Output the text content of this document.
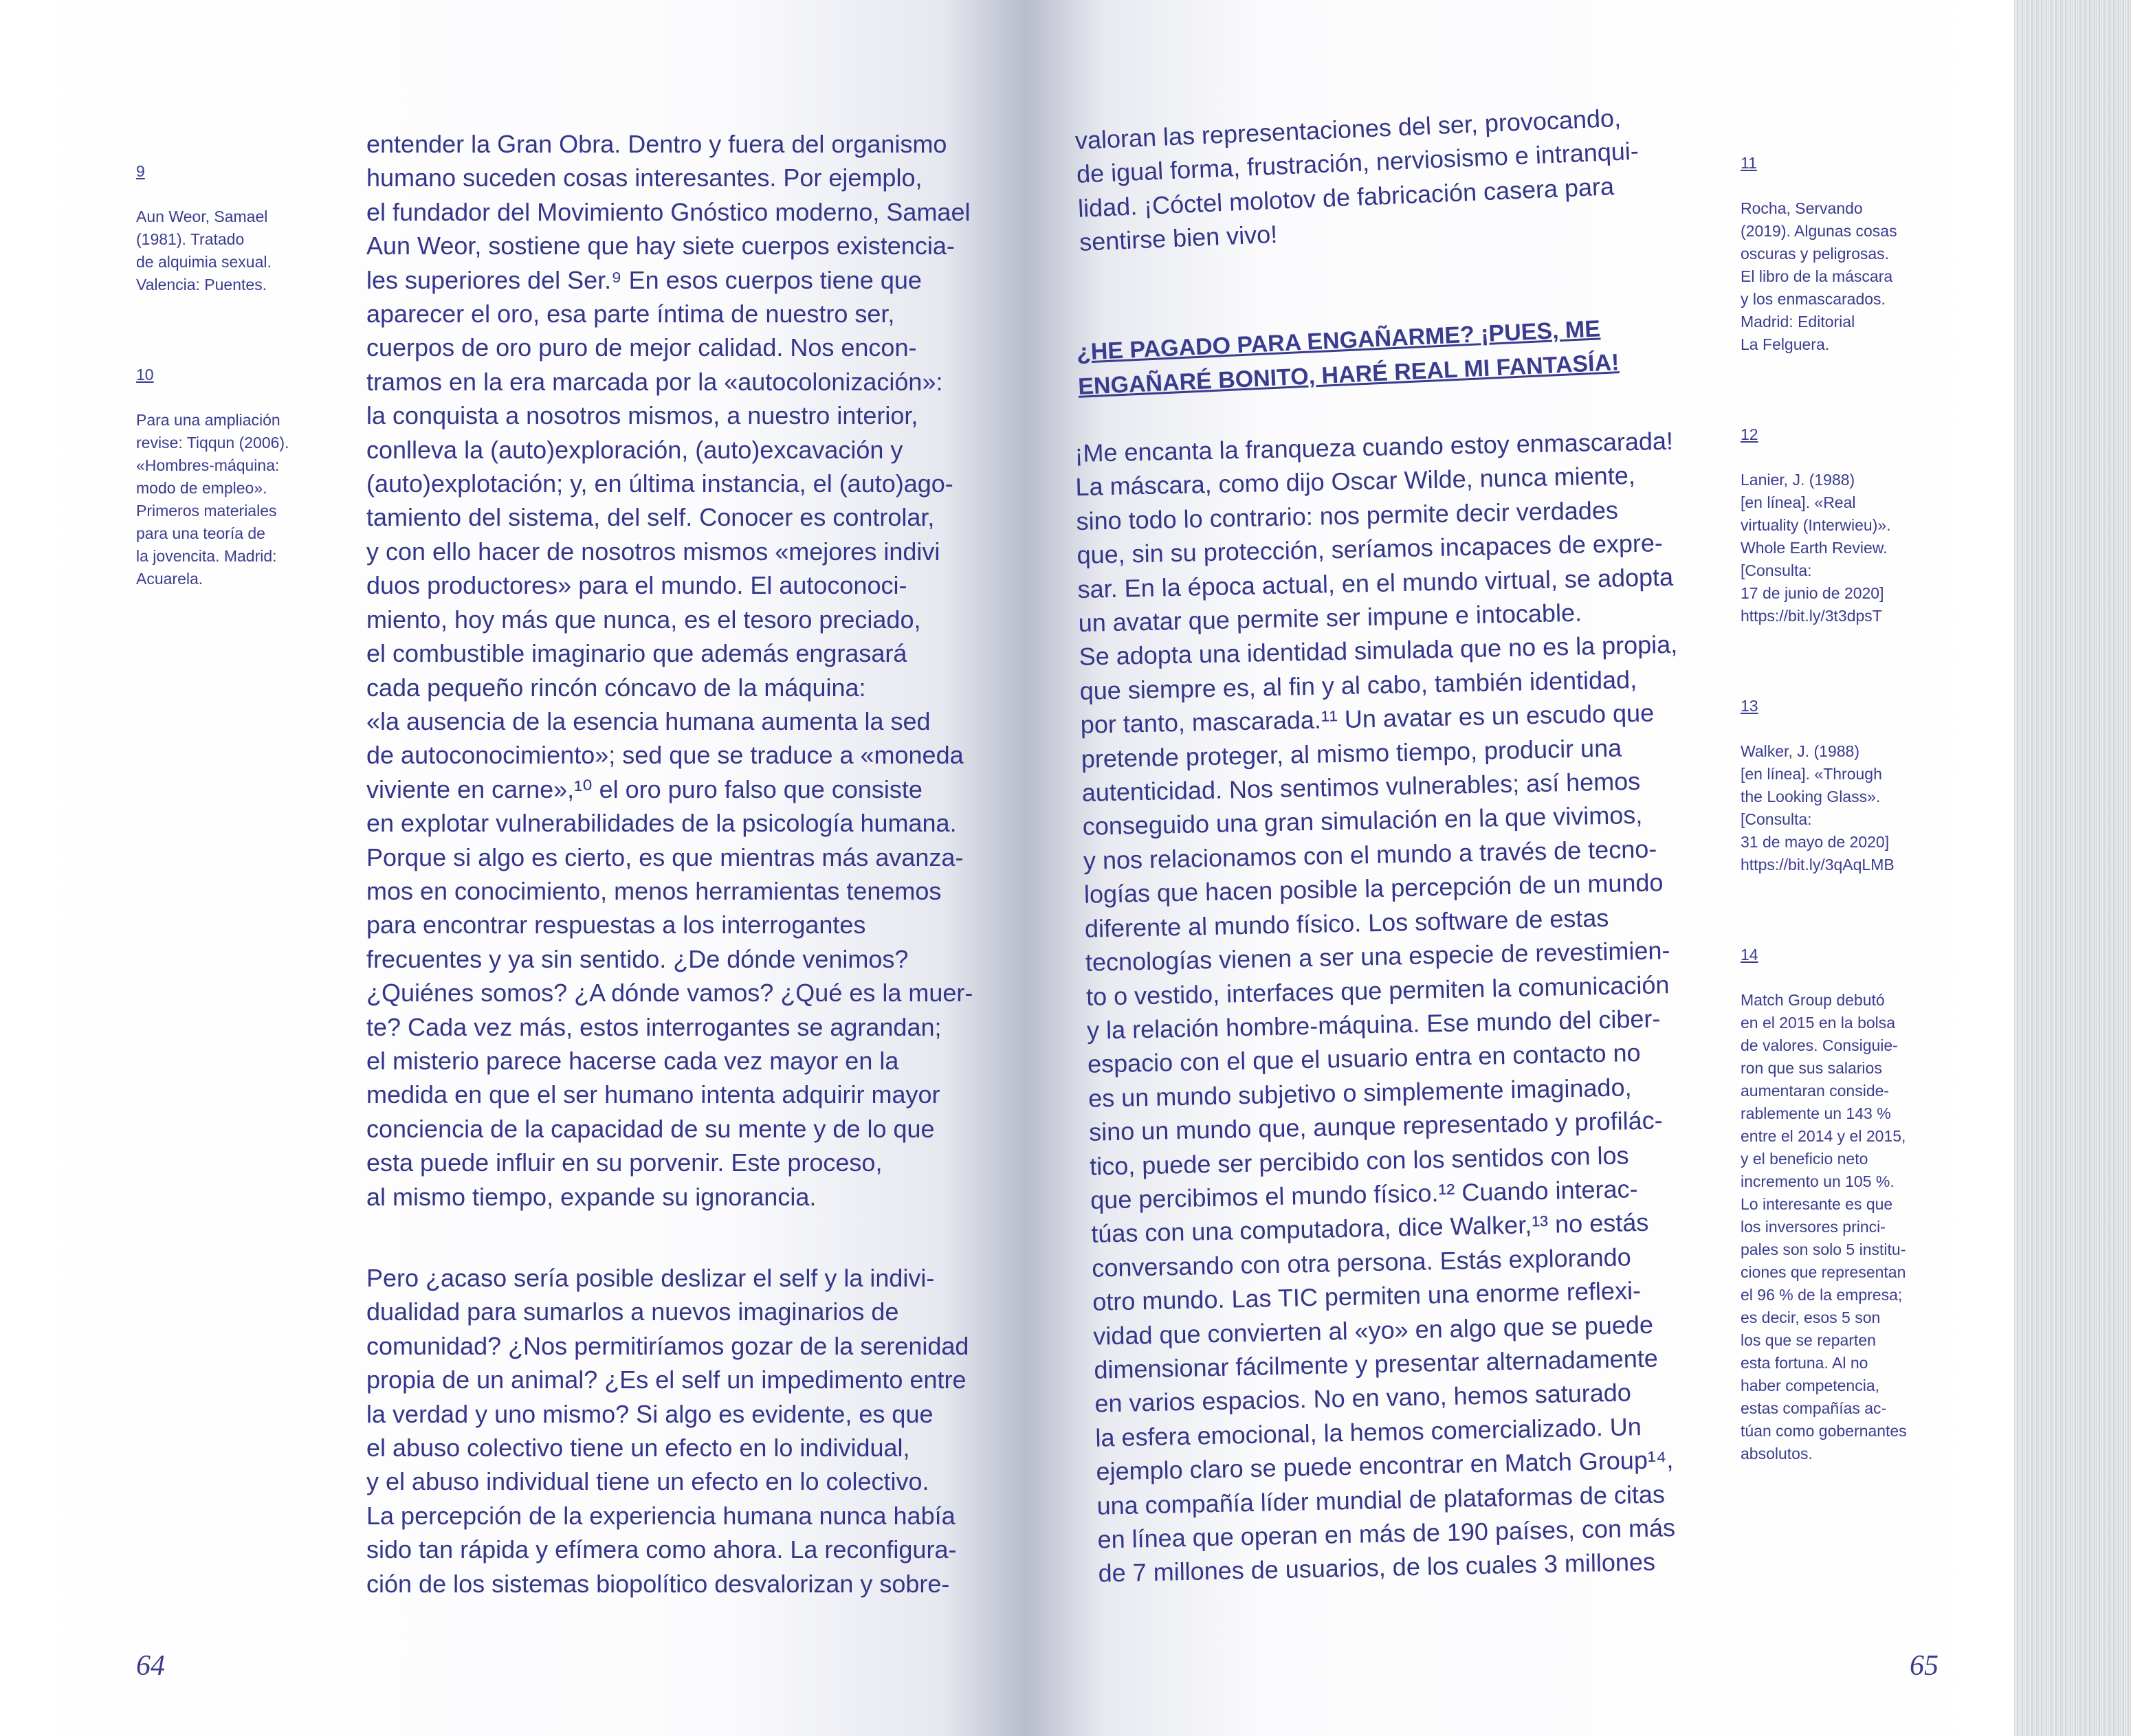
9

Aun Weor, Samael
(1981). Tratado
de alquimia sexual.
Valencia: Puentes.

10

Para una ampliación
revise: Tiqqun (2006).
«Hombres-máquina:
modo de empleo».
Primeros materiales
para una teoría de
la jovencita. Madrid:
Acuarela.

entender la Gran Obra. Dentro y fuera del organismo
humano suceden cosas interesantes. Por ejemplo,
el fundador del Movimiento Gnóstico moderno, Samael
Aun Weor, sostiene que hay siete cuerpos existencia-
les superiores del Ser.⁹ En esos cuerpos tiene que
aparecer el oro, esa parte íntima de nuestro ser,
cuerpos de oro puro de mejor calidad. Nos encon-
tramos en la era marcada por la «autocolonización»:
la conquista a nosotros mismos, a nuestro interior,
conlleva la (auto)exploración, (auto)excavación y
(auto)explotación; y, en última instancia, el (auto)ago-
tamiento del sistema, del self. Conocer es controlar,
y con ello hacer de nosotros mismos «mejores indivi
duos productores» para el mundo. El autoconoci-
miento, hoy más que nunca, es el tesoro preciado,
el combustible imaginario que además engrasará
cada pequeño rincón cóncavo de la máquina:
«la ausencia de la esencia humana aumenta la sed
de autoconocimiento»; sed que se traduce a «moneda
viviente en carne»,¹⁰ el oro puro falso que consiste
en explotar vulnerabilidades de la psicología humana.
Porque si algo es cierto, es que mientras más avanza-
mos en conocimiento, menos herramientas tenemos
para encontrar respuestas a los interrogantes
frecuentes y ya sin sentido. ¿De dónde venimos?
¿Quiénes somos? ¿A dónde vamos? ¿Qué es la muer-
te? Cada vez más, estos interrogantes se agrandan;
el misterio parece hacerse cada vez mayor en la
medida en que el ser humano intenta adquirir mayor
conciencia de la capacidad de su mente y de lo que
esta puede influir en su porvenir. Este proceso,
al mismo tiempo, expande su ignorancia.
Pero ¿acaso sería posible deslizar el self y la indivi-
dualidad para sumarlos a nuevos imaginarios de
comunidad? ¿Nos permitiríamos gozar de la serenidad
propia de un animal? ¿Es el self un impedimento entre
la verdad y uno mismo? Si algo es evidente, es que
el abuso colectivo tiene un efecto en lo individual,
y el abuso individual tiene un efecto en lo colectivo.
La percepción de la experiencia humana nunca había
sido tan rápida y efímera como ahora. La reconfigura-
ción de los sistemas biopolítico desvalorizan y sobre-
64
valoran las representaciones del ser, provocando,
de igual forma, frustración, nerviosismo e intranqui-
lidad. ¡Cóctel molotov de fabricación casera para
sentirse bien vivo!
¿HE PAGADO PARA ENGAÑARME? ¡PUES, ME
ENGAÑARÉ BONITO, HARÉ REAL MI FANTASÍA!
¡Me encanta la franqueza cuando estoy enmascarada!
La máscara, como dijo Oscar Wilde, nunca miente,
sino todo lo contrario: nos permite decir verdades
que, sin su protección, seríamos incapaces de expre-
sar. En la época actual, en el mundo virtual, se adopta
un avatar que permite ser impune e intocable.
Se adopta una identidad simulada que no es la propia,
que siempre es, al fin y al cabo, también identidad,
por tanto, mascarada.¹¹ Un avatar es un escudo que
pretende proteger, al mismo tiempo, producir una
autenticidad. Nos sentimos vulnerables; así hemos
conseguido una gran simulación en la que vivimos,
y nos relacionamos con el mundo a través de tecno-
logías que hacen posible la percepción de un mundo
diferente al mundo físico. Los software de estas
tecnologías vienen a ser una especie de revestimien-
to o vestido, interfaces que permiten la comunicación
y la relación hombre-máquina. Ese mundo del ciber-
espacio con el que el usuario entra en contacto no
es un mundo subjetivo o simplemente imaginado,
sino un mundo que, aunque representado y profilác-
tico, puede ser percibido con los sentidos con los
que percibimos el mundo físico.¹² Cuando interac-
túas con una computadora, dice Walker,¹³ no estás
conversando con otra persona. Estás explorando
otro mundo. Las TIC permiten una enorme reflexi-
vidad que convierten al «yo» en algo que se puede
dimensionar fácilmente y presentar alternadamente
en varios espacios. No en vano, hemos saturado
la esfera emocional, la hemos comercializado. Un
ejemplo claro se puede encontrar en Match Group¹⁴,
una compañía líder mundial de plataformas de citas
en línea que operan en más de 190 países, con más
de 7 millones de usuarios, de los cuales 3 millones

11

Rocha, Servando
(2019). Algunas cosas
oscuras y peligrosas.
El libro de la máscara
y los enmascarados.
Madrid: Editorial
La Felguera.

12

Lanier, J. (1988)
[en línea]. «Real
virtuality (Interwieu)».
Whole Earth Review.
[Consulta:
17 de junio de 2020]
https://bit.ly/3t3dpsT

13

Walker, J. (1988)
[en línea]. «Through
the Looking Glass».
[Consulta:
31 de mayo de 2020]
https://bit.ly/3qAqLMB

14

Match Group debutó
en el 2015 en la bolsa
de valores. Consiguie-
ron que sus salarios
aumentaran conside-
rablemente un 143 %
entre el 2014 y el 2015,
y el beneficio neto
incremento un 105 %.
Lo interesante es que
los inversores princi-
pales son solo 5 institu-
ciones que representan
el 96 % de la empresa;
es decir, esos 5 son
los que se reparten
esta fortuna. Al no
haber competencia,
estas compañías ac-
túan como gobernantes
absolutos.

65
